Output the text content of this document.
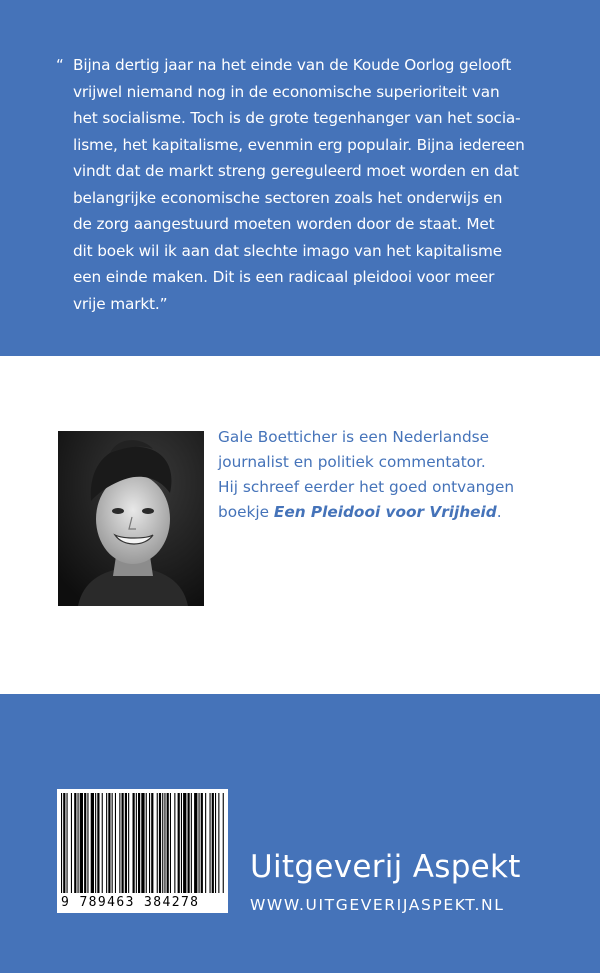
“ Bijna dertig jaar na het einde van de Koude Oorlog gelooft
vrijwel niemand nog in de economische superioriteit van
het socialisme. Toch is de grote tegenhanger van het socia-
lisme, het kapitalisme, evenmin erg populair. Bijna iedereen
vindt dat de markt streng gereguleerd moet worden en dat
belangrijke economische sectoren zoals het onderwijs en
de zorg aangestuurd moeten worden door de staat. Met
dit boek wil ik aan dat slechte imago van het kapitalisme
een einde maken. Dit is een radicaal pleidooi voor meer
vrije markt.”
Gale Boetticher is een Nederlandse
journalist en politiek commentator.
Hij schreef eerder het goed ontvangen
boekje Een Pleidooi voor Vrijheid.
9 789463 384278
Uitgeverij Aspekt
WWW.UITGEVERIJASPEKT.NL
